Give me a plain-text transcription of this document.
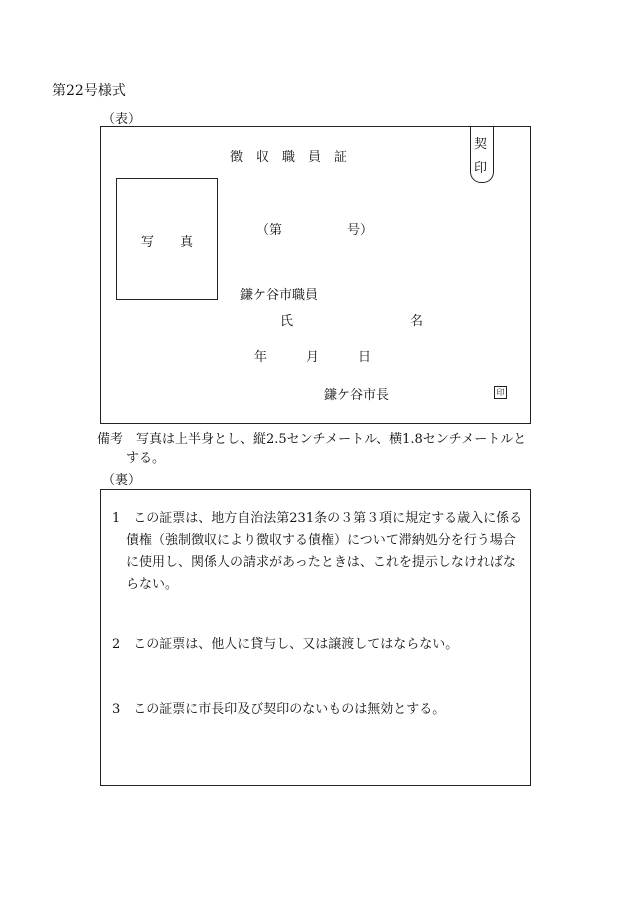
第22号様式
（表）
契
印
徴　収　職　員　証
写　　真
（第　　　　　号）
鎌ケ谷市職員
氏　　　　　　　　　名
年　　　月　　　日
鎌ケ谷市長	印
備考　写真は上半身とし、縦2.5センチメートル、横1.8センチメートルと
する。
（裏）
1　この証票は、地方自治法第231条の３第３項に規定する歳入に係る
債権（強制徴収により徴収する債権）について滞納処分を行う場合
に使用し、関係人の請求があったときは、これを提示しなければな
らない。
2　この証票は、他人に貸与し、又は譲渡してはならない。
3　この証票に市長印及び契印のないものは無効とする。
